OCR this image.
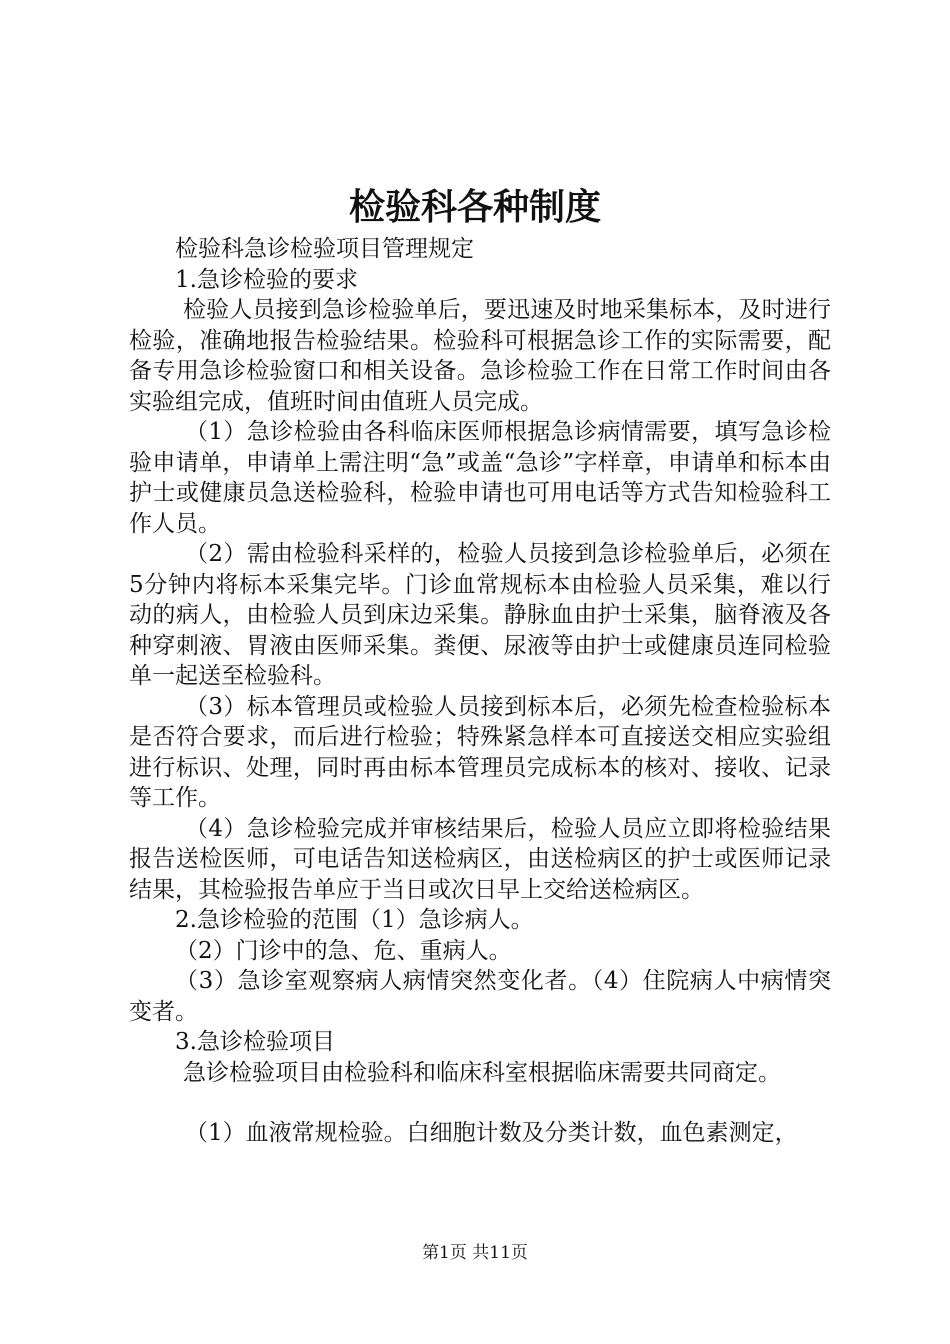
检验科各种制度

检验科急诊检验项目管理规定

1.急诊检验的要求

检验人员接到急诊检验单后，要迅速及时地采集标本，及时进行检验，准确地报告检验结果。检验科可根据急诊工作的实际需要，配备专用急诊检验窗口和相关设备。急诊检验工作在日常工作时间由各实验组完成，值班时间由值班人员完成。

（1）急诊检验由各科临床医师根据急诊病情需要，填写急诊检验申请单，申请单上需注明“急”或盖“急诊”字样章，申请单和标本由护士或健康员急送检验科，检验申请也可用电话等方式告知检验科工作人员。

（2）需由检验科采样的，检验人员接到急诊检验单后，必须在5分钟内将标本采集完毕。门诊血常规标本由检验人员采集，难以行动的病人，由检验人员到床边采集。静脉血由护士采集，脑脊液及各种穿刺液、胃液由医师采集。粪便、尿液等由护士或健康员连同检验单一起送至检验科。

（3）标本管理员或检验人员接到标本后，必须先检查检验标本是否符合要求，而后进行检验；特殊紧急样本可直接送交相应实验组进行标识、处理，同时再由标本管理员完成标本的核对、接收、记录等工作。

（4）急诊检验完成并审核结果后，检验人员应立即将检验结果报告送检医师，可电话告知送检病区，由送检病区的护士或医师记录结果，其检验报告单应于当日或次日早上交给送检病区。

2.急诊检验的范围（1）急诊病人。

（2）门诊中的急、危、重病人。

（3）急诊室观察病人病情突然变化者。（4）住院病人中病情突变者。

3.急诊检验项目

急诊检验项目由检验科和临床科室根据临床需要共同商定。

（1）血液常规检验。白细胞计数及分类计数，血色素测定，

第1页 共11页
